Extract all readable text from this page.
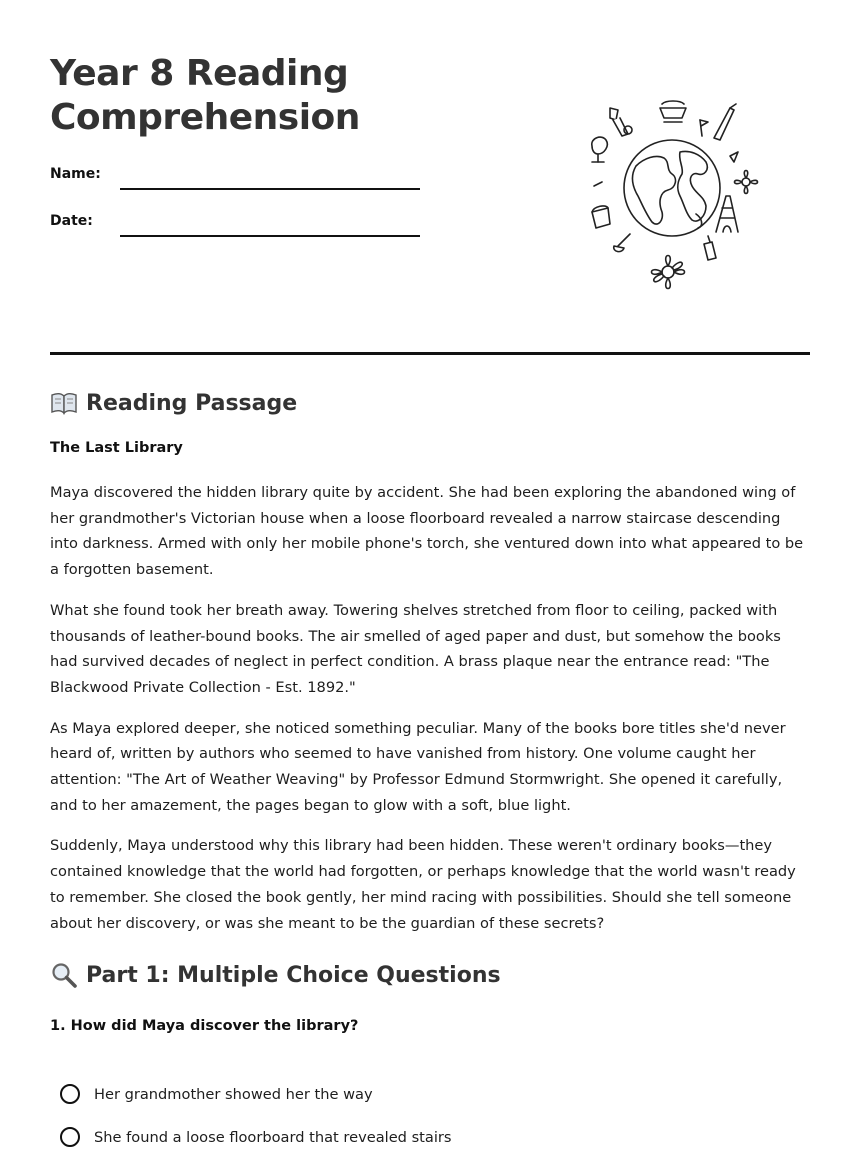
Year 8 Reading
Comprehension
Name:
Date:
Reading Passage
The Last Library

Maya discovered the hidden library quite by accident. She had been exploring the abandoned wing of her grandmother's Victorian house when a loose floorboard revealed a narrow staircase descending into darkness. Armed with only her mobile phone's torch, she ventured down into what appeared to be a forgotten basement.

What she found took her breath away. Towering shelves stretched from floor to ceiling, packed with thousands of leather-bound books. The air smelled of aged paper and dust, but somehow the books had survived decades of neglect in perfect condition. A brass plaque near the entrance read: "The Blackwood Private Collection - Est. 1892."

As Maya explored deeper, she noticed something peculiar. Many of the books bore titles she'd never heard of, written by authors who seemed to have vanished from history. One volume caught her attention: "The Art of Weather Weaving" by Professor Edmund Stormwright. She opened it carefully, and to her amazement, the pages began to glow with a soft, blue light.

Suddenly, Maya understood why this library had been hidden. These weren't ordinary books—they contained knowledge that the world had forgotten, or perhaps knowledge that the world wasn't ready to remember. She closed the book gently, her mind racing with possibilities. Should she tell someone about her discovery, or was she meant to be the guardian of these secrets?

Part 1: Multiple Choice Questions
1. How did Maya discover the library?
Her grandmother showed her the way
She found a loose floorboard that revealed stairs
